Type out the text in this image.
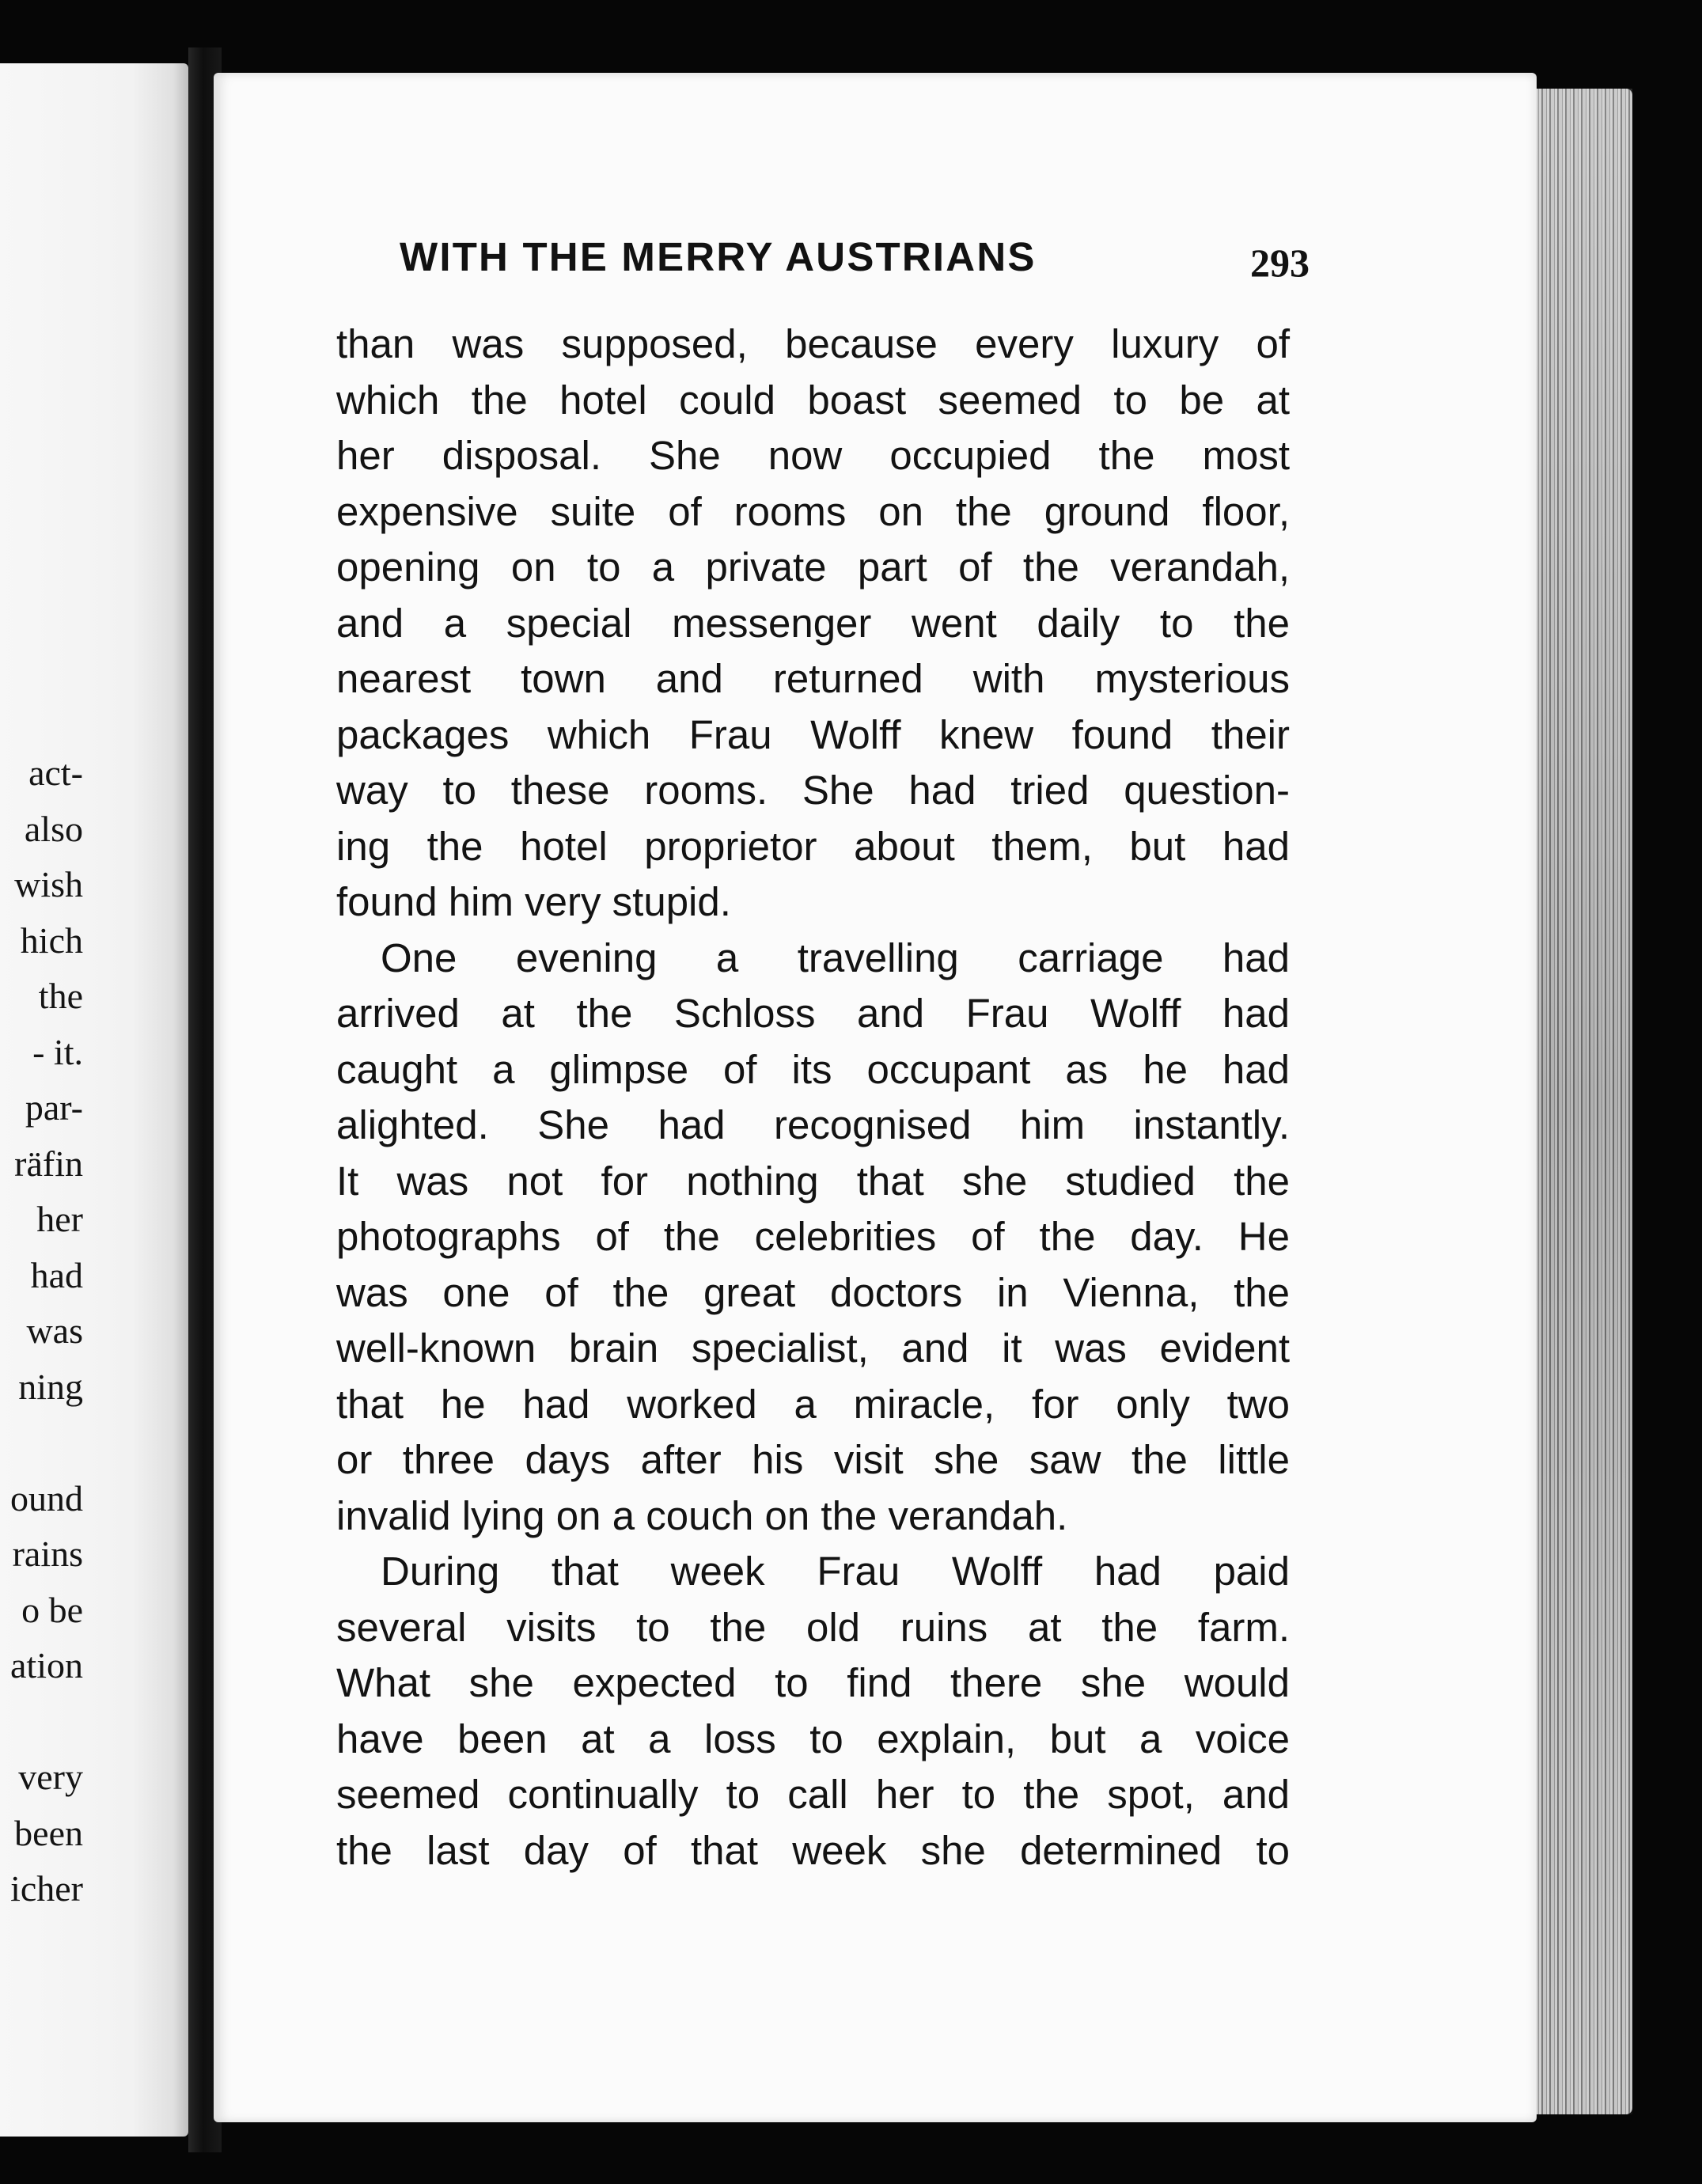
act-
also
wish
hich
the
‑ it.
par-
räfin
her
had
was
ning
ound
rains
o be
ation
very
been
icher
WITH THE MERRY AUSTRIANS	293
than was supposed, because every luxury of
which the hotel could boast seemed to be at
her disposal. She now occupied the most
expensive suite of rooms on the ground floor,
opening on to a private part of the verandah,
and a special messenger went daily to the
nearest town and returned with mysterious
packages which Frau Wolff knew found their
way to these rooms. She had tried question-
ing the hotel proprietor about them, but had
found him very stupid.
One evening a travelling carriage had
arrived at the Schloss and Frau Wolff had
caught a glimpse of its occupant as he had
alighted. She had recognised him instantly.
It was not for nothing that she studied the
photographs of the celebrities of the day. He
was one of the great doctors in Vienna, the
well-known brain specialist, and it was evident
that he had worked a miracle, for only two
or three days after his visit she saw the little
invalid lying on a couch on the verandah.
During that week Frau Wolff had paid
several visits to the old ruins at the farm.
What she expected to find there she would
have been at a loss to explain, but a voice
seemed continually to call her to the spot, and
the last day of that week she determined to
